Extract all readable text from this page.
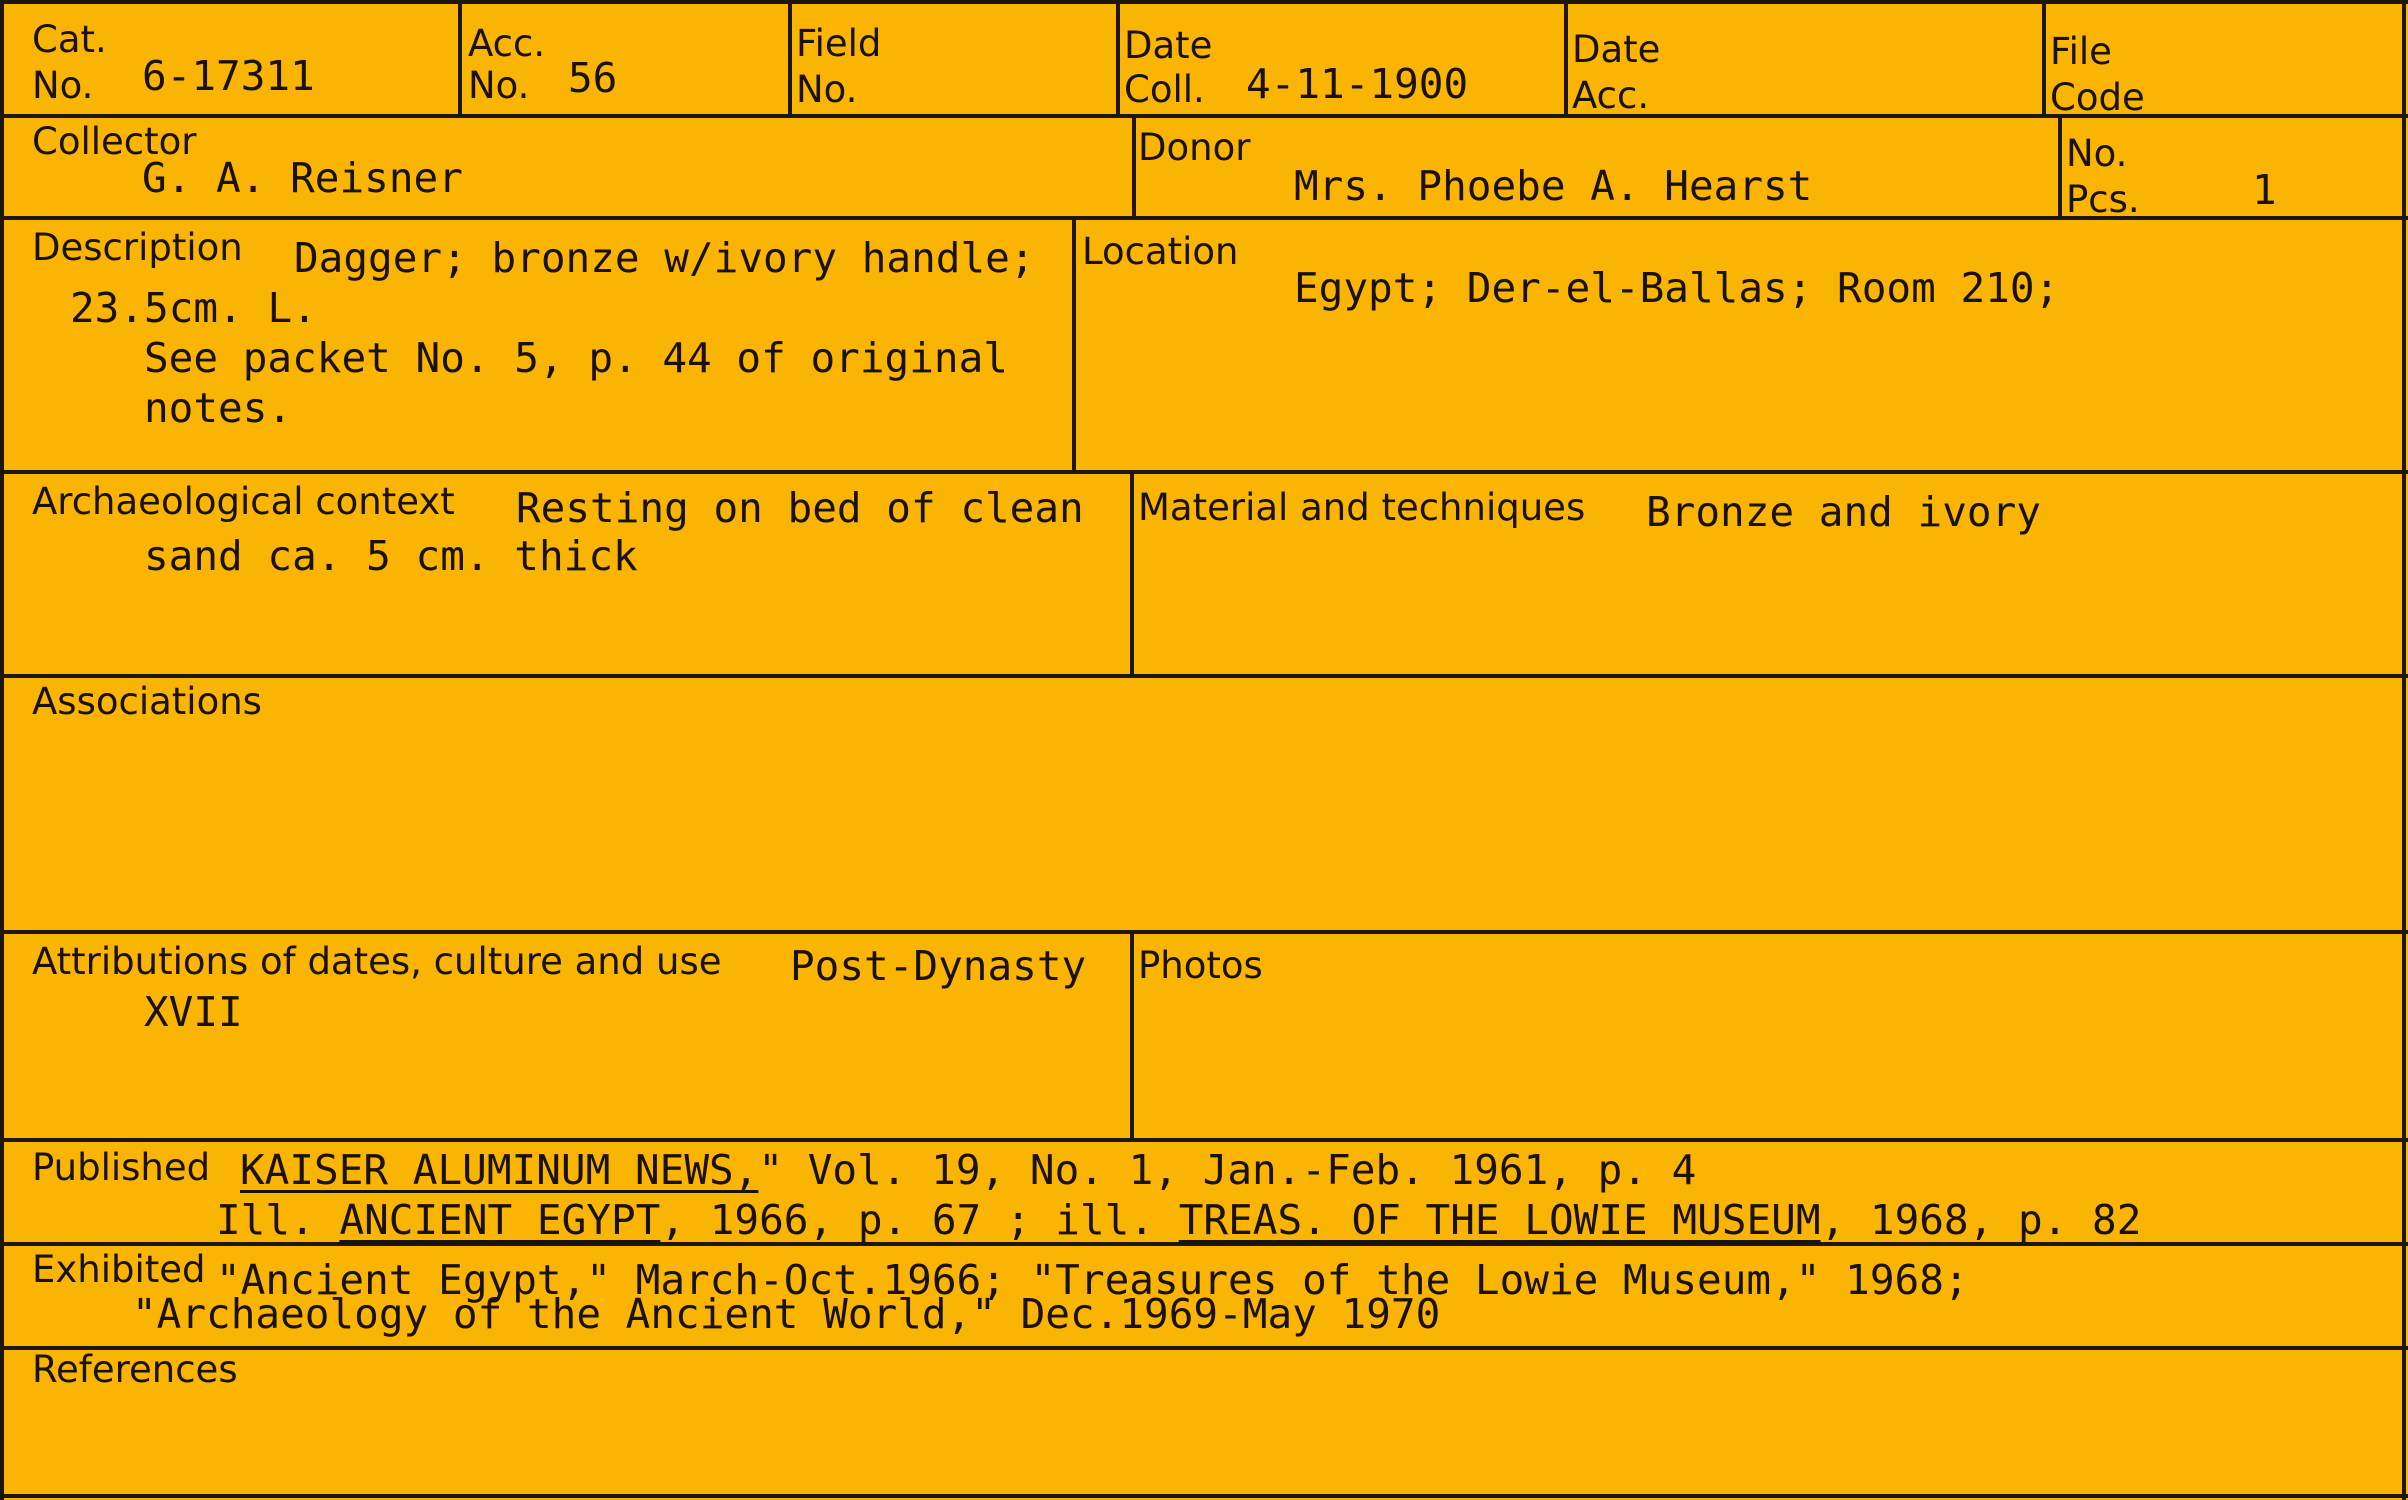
Cat.
No. 6-17311
Acc.
No. 56
Field
No.
Date
Coll. 4-11-1900
Date
Acc.
File
Code
Collector
G. A. Reisner
Donor
Mrs. Phoebe A. Hearst
No.
Pcs.	1
Description Dagger; bronze w/ivory handle;
23.5cm. L.
See packet No. 5, p. 44 of original
notes.
Location
Egypt; Der-el-Ballas; Room 210;
Archaeological context Resting on bed of clean
sand ca. 5 cm. thick
Material and techniques Bronze and ivory
Associations
Attributions of dates, culture and use Post-Dynasty
XVII
Photos
Published KAISER ALUMINUM NEWS," Vol. 19, No. 1, Jan.-Feb. 1961, p. 4
Ill. ANCIENT EGYPT, 1966, p. 67 ; ill. TREAS. OF THE LOWIE MUSEUM, 1968, p. 82
Exhibited "Ancient Egypt," March-Oct.1966; "Treasures of the Lowie Museum," 1968;
"Archaeology of the Ancient World," Dec.1969-May 1970
References
